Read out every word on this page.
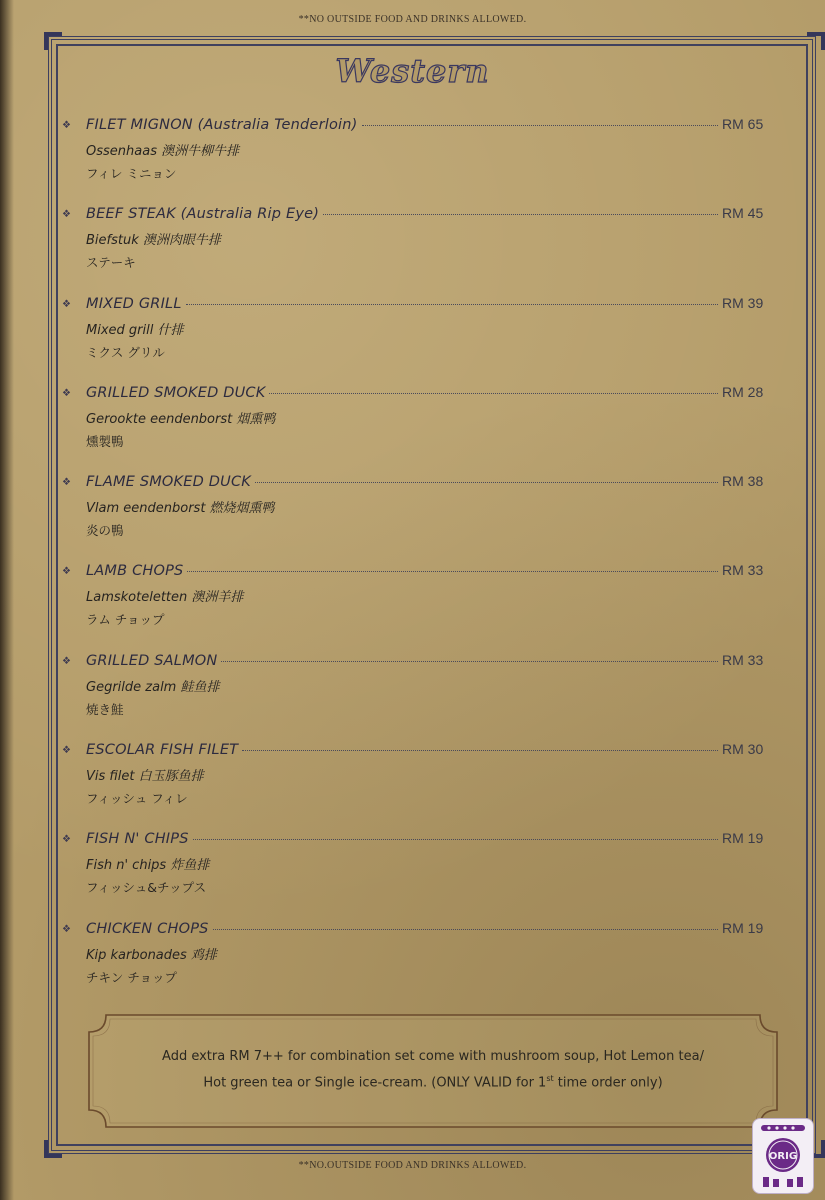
**NO OUTSIDE FOOD AND DRINKS ALLOWED.
Western
❖ FILET MIGNON (Australia Tenderloin)	RM 65
Ossenhaas 澳洲牛柳牛排
フィレ ミニョン
❖ BEEF STEAK (Australia Rip Eye)	RM 45
Biefstuk 澳洲肉眼牛排
ステーキ
❖ MIXED GRILL	RM 39
Mixed grill 什排
ミクス グリル
❖ GRILLED SMOKED DUCK	RM 28
Gerookte eendenborst 烟熏鸭
燻製鴨
❖ FLAME SMOKED DUCK	RM 38
Vlam eendenborst 燃烧烟熏鸭
炎の鴨
❖ LAMB CHOPS	RM 33
Lamskoteletten 澳洲羊排
ラム チョップ
❖ GRILLED SALMON	RM 33
Gegrilde zalm 鲑鱼排
焼き鮭
❖ ESCOLAR FISH FILET	RM 30
Vis filet 白玉豚鱼排
フィッシュ フィレ
❖ FISH N' CHIPS	RM 19
Fish n' chips 炸鱼排
フィッシュ&チップス
❖ CHICKEN CHOPS	RM 19
Kip karbonades 鸡排
チキン チョップ
Add extra RM 7++ for combination set come with mushroom soup, Hot Lemon tea/
Hot green tea or Single ice-cream. (ONLY VALID for 1st time order only)
**NO.OUTSIDE FOOD AND DRINKS ALLOWED.
ORIG
